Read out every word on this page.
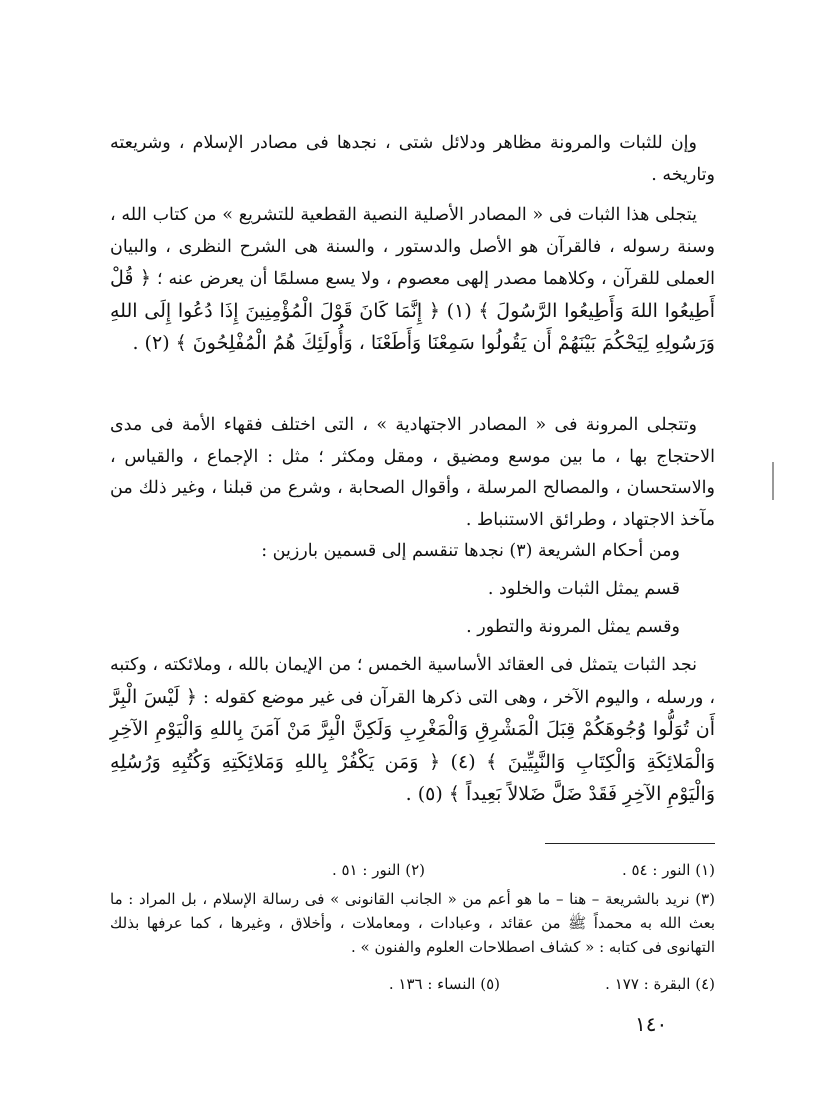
وإن للثبات والمرونة مظاهر ودلائل شتى ، نجدها فى مصادر الإسلام ، وشريعته وتاريخه .

يتجلى هذا الثبات فى « المصادر الأصلية النصية القطعية للتشريع » من كتاب الله ، وسنة رسوله ، فالقرآن هو الأصل والدستور ، والسنة هى الشرح النظرى ، والبيان العملى للقرآن ، وكلاهما مصدر إلهى معصوم ، ولا يسع مسلمًا أن يعرض عنه ؛ ﴿ قُلْ أَطِيعُوا اللهَ وَأَطِيعُوا الرَّسُولَ ﴾ (١) ﴿ إِنَّمَا كَانَ قَوْلَ الْمُؤْمِنِينَ إِذَا دُعُوا إِلَى اللهِ وَرَسُولِهِ لِيَحْكُمَ بَيْنَهُمْ أَن يَقُولُوا سَمِعْنَا وَأَطَعْنَا ، وَأُولَئِكَ هُمُ الْمُفْلِحُونَ ﴾ (٢) .

وتتجلى المرونة فى « المصادر الاجتهادية » ، التى اختلف فقهاء الأمة فى مدى الاحتجاج بها ، ما بين موسع ومضيق ، ومقل ومكثر ؛ مثل : الإجماع ، والقياس ، والاستحسان ، والمصالح المرسلة ، وأقوال الصحابة ، وشرع من قبلنا ، وغير ذلك من مآخذ الاجتهاد ، وطرائق الاستنباط .

ومن أحكام الشريعة (٣) نجدها تنقسم إلى قسمين بارزين :

قسم يمثل الثبات والخلود .

وقسم يمثل المرونة والتطور .

نجد الثبات يتمثل فى العقائد الأساسية الخمس ؛ من الإيمان بالله ، وملائكته ، وكتبه ، ورسله ، واليوم الآخر ، وهى التى ذكرها القرآن فى غير موضع كقوله : ﴿ لَيْسَ الْبِرَّ أَن تُوَلُّوا وُجُوهَكُمْ قِبَلَ الْمَشْرِقِ وَالْمَغْرِبِ وَلَكِنَّ الْبِرَّ مَنْ آمَنَ بِاللهِ وَالْيَوْمِ الآخِرِ وَالْمَلائِكَةِ وَالْكِتَابِ وَالنَّبِيِّينَ ﴾ (٤) ﴿ وَمَن يَكْفُرْ بِاللهِ وَمَلائِكَتِهِ وَكُتُبِهِ وَرُسُلِهِ وَالْيَوْمِ الآخِرِ فَقَدْ ضَلَّ ضَلالاً بَعِيداً ﴾ (٥) .

(١) النور : ٥٤ .
(٢) النور : ٥١ .

(٣) نريد بالشريعة – هنا – ما هو أعم من « الجانب القانونى » فى رسالة الإسلام ، بل المراد : ما بعث الله به محمداً ﷺ من عقائد ، وعبادات ، ومعاملات ، وأخلاق ، وغيرها ، كما عرفها بذلك التهانوى فى كتابه : « كشاف اصطلاحات العلوم والفنون » .

(٤) البقرة : ١٧٧ .
(٥) النساء : ١٣٦ .
١٤٠
